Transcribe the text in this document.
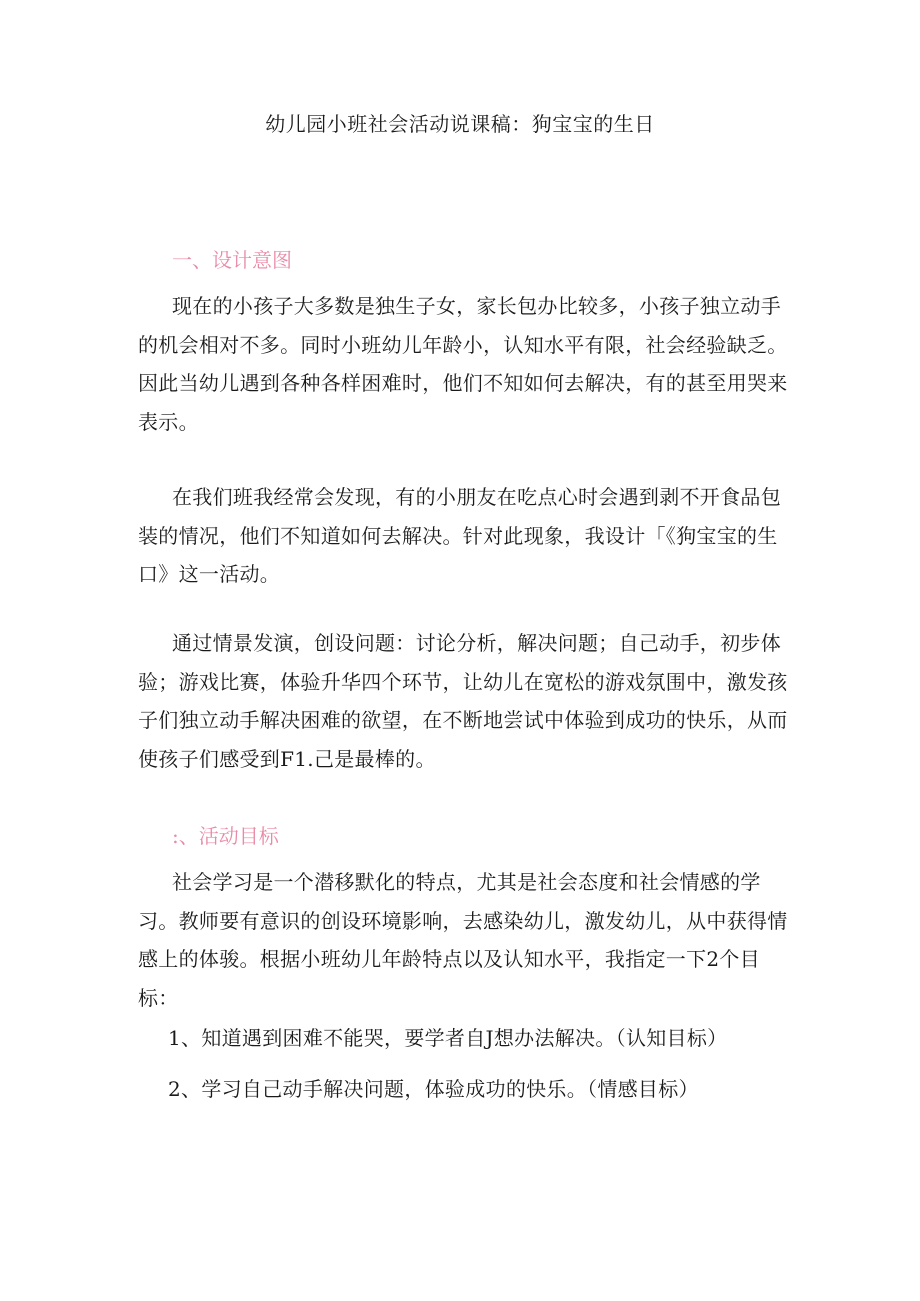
幼儿园小班社会活动说课稿：狗宝宝的生日
一、设计意图

现在的小孩子大多数是独生子女，家长包办比较多，小孩子独立动手的机会相对不多。同时小班幼儿年龄小，认知水平有限，社会经验缺乏。因此当幼儿遇到各种各样困难时，他们不知如何去解决，有的甚至用哭来表示。

在我们班我经常会发现，有的小朋友在吃点心时会遇到剥不开食品包装的情况，他们不知道如何去解决。针对此现象，我设计「《狗宝宝的生口》这一活动。

通过情景发演，创设问题：讨论分析，解决问题；自己动手，初步体验；游戏比赛，体验升华四个环节，让幼儿在宽松的游戏氛围中，激发孩子们独立动手解决困难的欲望，在不断地尝试中体验到成功的快乐，从而使孩子们感受到F1.己是最棒的。

:、活动目标

社会学习是一个潜移默化的特点，尤其是社会态度和社会情感的学习。教师要有意识的创设环境影响，去感染幼儿，激发幼儿，从中获得情感上的体骏。根据小班幼儿年龄特点以及认知水平，我指定一下2个目标：

1、知道遇到困难不能哭，要学者自J想办法解决。（认知目标）
2、学习自己动手解决问题，体验成功的快乐。（情感目标）
